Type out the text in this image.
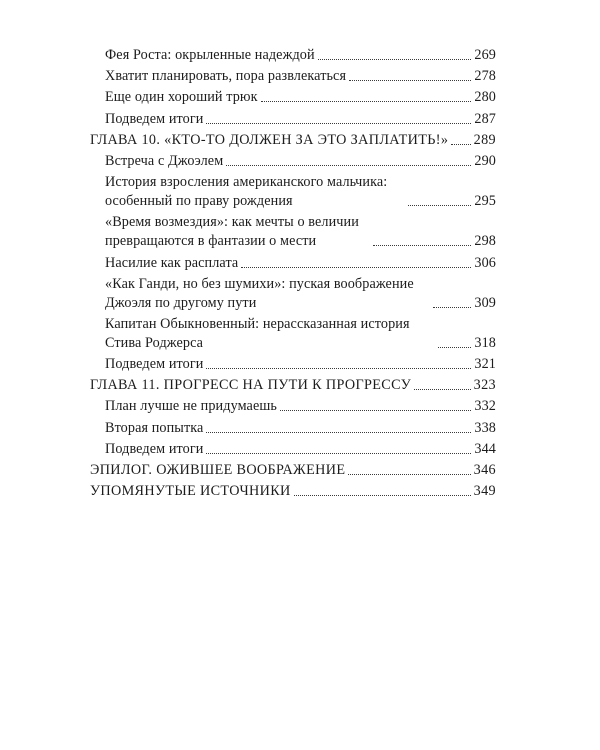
Фея Роста: окрыленные надеждой	269
Хватит планировать, пора развлекаться	278
Еще один хороший трюк	280
Подведем итоги	287
ГЛАВА 10. «КТО-ТО ДОЛЖЕН ЗА ЭТО ЗАПЛАТИТЬ!» 289
Встреча с Джоэлем	290
История взросления американского мальчика: особенный по праву рождения	295
«Время возмездия»: как мечты о величии превращаются в фантазии о мести	298
Насилие как расплата	306
«Как Ганди, но без шумихи»: пуская воображение Джоэля по другому пути	309
Капитан Обыкновенный: нерассказанная история Стива Роджерса	318
Подведем итоги	321
ГЛАВА 11. ПРОГРЕСС НА ПУТИ К ПРОГРЕССУ	323
План лучше не придумаешь	332
Вторая попытка	338
Подведем итоги	344
ЭПИЛОГ. ОЖИВШЕЕ ВООБРАЖЕНИЕ	346
УПОМЯНУТЫЕ ИСТОЧНИКИ	349
